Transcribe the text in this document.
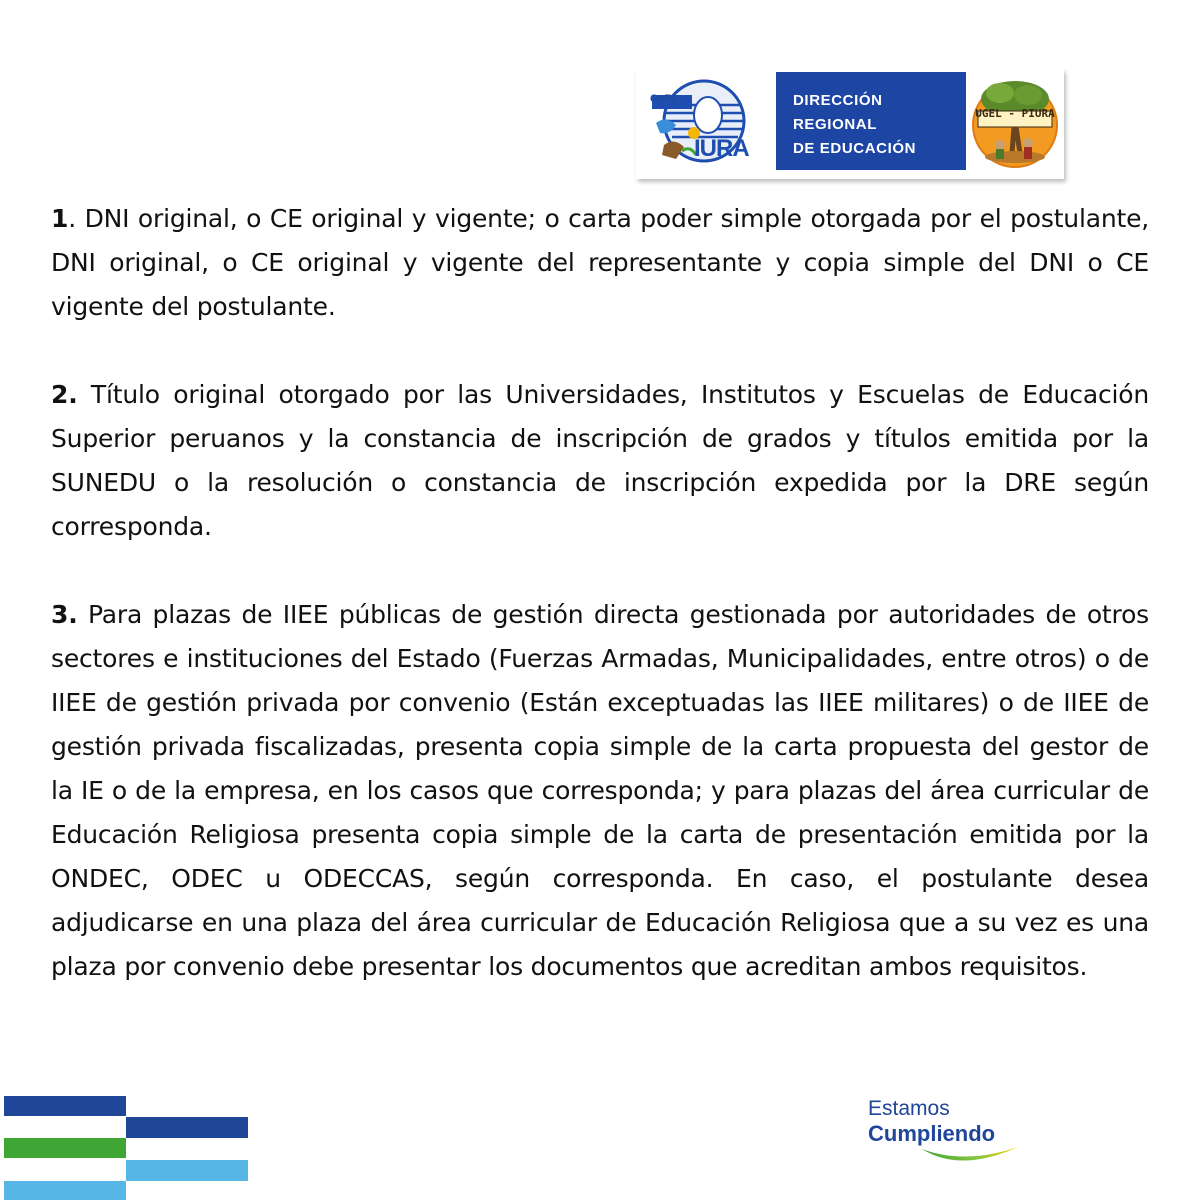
GoRe
IURA
DIRECCIÓN
REGIONAL
DE EDUCACIÓN
UGEL - PIURA

1. DNI original, o CE original y vigente; o carta poder simple otorgada por el postulante, DNI original, o CE original y vigente del representante y copia simple del DNI o CE vigente del postulante.

2. Título original otorgado por las Universidades, Institutos y Escuelas de Educación Superior peruanos y la constancia de inscripción de grados y títulos emitida por la SUNEDU o la resolución o constancia de inscripción expedida por la DRE según corresponda.

3. Para plazas de IIEE públicas de gestión directa gestionada por autoridades de otros sectores e instituciones del Estado (Fuerzas Armadas, Municipalidades, entre otros) o de IIEE de gestión privada por convenio (Están exceptuadas las IIEE militares) o de IIEE de gestión privada fiscalizadas, presenta copia simple de la carta propuesta del gestor de la IE o de la empresa, en los casos que corresponda; y para plazas del área curricular de Educación Religiosa presenta copia simple de la carta de presentación emitida por la ONDEC, ODEC u ODECCAS, según corresponda. En caso, el postulante desea adjudicarse en una plaza del área curricular de Educación Religiosa que a su vez es una plaza por convenio debe presentar los documentos que acreditan ambos requisitos.

Estamos
Cumpliendo
